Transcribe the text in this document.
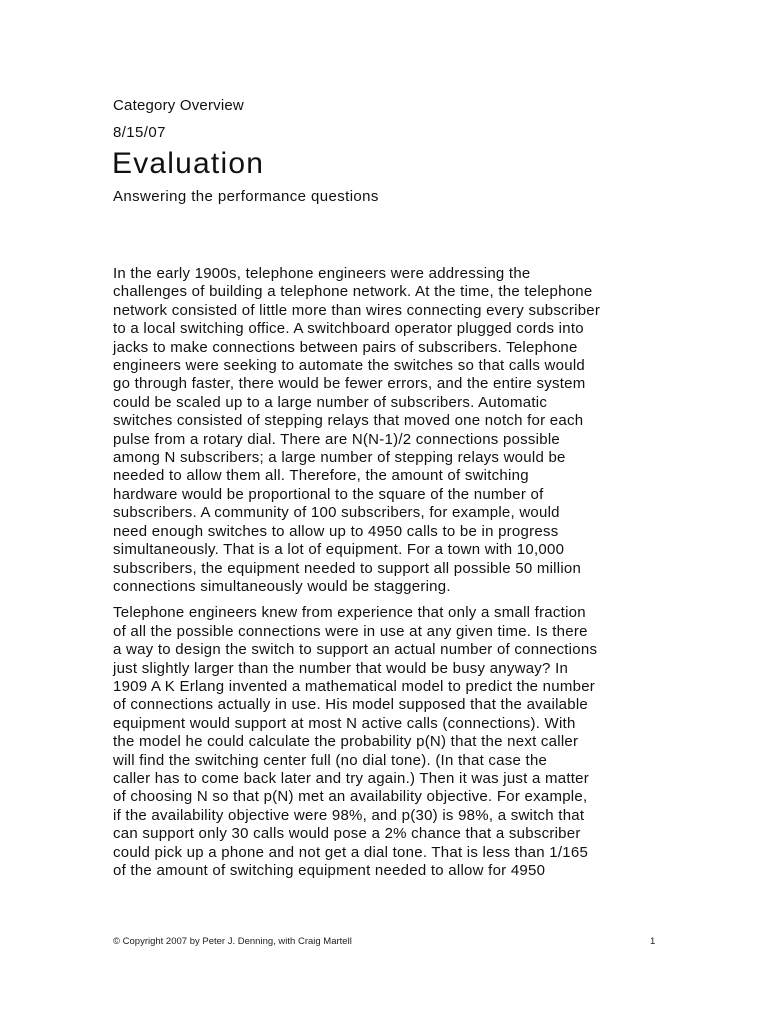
Category Overview
8/15/07
Evaluation
Answering the performance questions
In the early 1900s, telephone engineers were addressing the
challenges of building a telephone network. At the time, the telephone
network consisted of little more than wires connecting every subscriber
to a local switching office. A switchboard operator plugged cords into
jacks to make connections between pairs of subscribers. Telephone
engineers were seeking to automate the switches so that calls would
go through faster, there would be fewer errors, and the entire system
could be scaled up to a large number of subscribers. Automatic
switches consisted of stepping relays that moved one notch for each
pulse from a rotary dial. There are N(N-1)/2 connections possible
among N subscribers; a large number of stepping relays would be
needed to allow them all. Therefore, the amount of switching
hardware would be proportional to the square of the number of
subscribers. A community of 100 subscribers, for example, would
need enough switches to allow up to 4950 calls to be in progress
simultaneously. That is a lot of equipment. For a town with 10,000
subscribers, the equipment needed to support all possible 50 million
connections simultaneously would be staggering.
Telephone engineers knew from experience that only a small fraction
of all the possible connections were in use at any given time. Is there
a way to design the switch to support an actual number of connections
just slightly larger than the number that would be busy anyway? In
1909 A K Erlang invented a mathematical model to predict the number
of connections actually in use. His model supposed that the available
equipment would support at most N active calls (connections). With
the model he could calculate the probability p(N) that the next caller
will find the switching center full (no dial tone). (In that case the
caller has to come back later and try again.) Then it was just a matter
of choosing N so that p(N) met an availability objective. For example,
if the availability objective were 98%, and p(30) is 98%, a switch that
can support only 30 calls would pose a 2% chance that a subscriber
could pick up a phone and not get a dial tone. That is less than 1/165
of the amount of switching equipment needed to allow for 4950
© Copyright 2007 by Peter J. Denning, with Craig Martell	1
